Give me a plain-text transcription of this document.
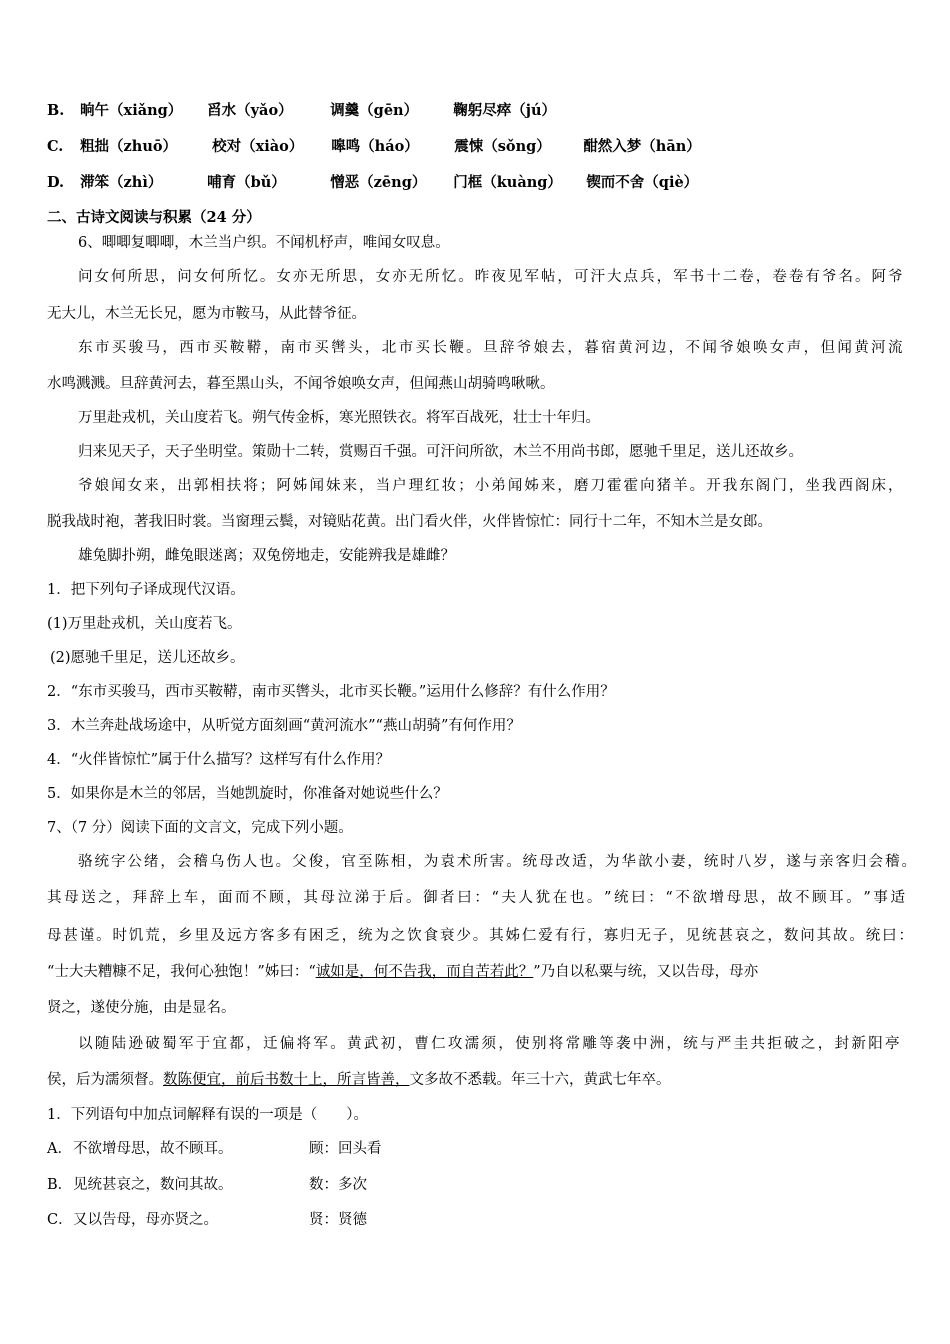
B. 晌午（xiǎng） 舀水（yǎo）	调羹（gēn） 鞠躬尽瘁（jú）
C. 粗拙（zhuō） 校对（xiào） 嗥鸣（háo） 震悚（sǒng） 酣然入梦（hān）
D. 滞笨（zhì）	哺育（bǔ）	憎恶（zēng） 门框（kuàng） 锲而不舍（qiè）
二、古诗文阅读与积累（24 分）
6、唧唧复唧唧，木兰当户织。不闻机杼声，唯闻女叹息。
问 女 何 所 思 ， 问 女 何 所 忆 。 女 亦 无 所 思 ， 女 亦 无 所 忆 。 昨 夜 见 军 帖 ， 可 汗 大 点 兵 ， 军 书 十 二 卷 ， 卷 卷 有 爷 名 。 阿 爷
无大儿，木兰无长兄，愿为市鞍马，从此替爷征。
东 市 买 骏 马 ， 西 市 买 鞍 鞯 ， 南 市 买 辔 头 ， 北 市 买 长 鞭 。 旦 辞 爷 娘 去 ， 暮 宿 黄 河 边 ， 不 闻 爷 娘 唤 女 声 ， 但 闻 黄 河 流
水鸣溅溅。旦辞黄河去，暮至黑山头，不闻爷娘唤女声，但闻燕山胡骑鸣啾啾。
万里赴戎机，关山度若飞。朔气传金柝，寒光照铁衣。将军百战死，壮士十年归。
归来见天子，天子坐明堂。策勋十二转，赏赐百千强。可汗问所欲，木兰不用尚书郎，愿驰千里足，送儿还故乡。
爷 娘 闻 女 来 ， 出 郭 相 扶 将 ； 阿 姊 闻 妹 来 ， 当 户 理 红 妆 ； 小 弟 闻 姊 来 ， 磨 刀 霍 霍 向 猪 羊 。 开 我 东 阁 门 ， 坐 我 西 阁 床 ，
脱我战时袍，著我旧时裳。当窗理云鬓，对镜贴花黄。出门看火伴，火伴皆惊忙：同行十二年，不知木兰是女郎。
雄兔脚扑朔，雌兔眼迷离；双兔傍地走，安能辨我是雄雌？
1．把下列句子译成现代汉语。
(1)万里赴戎机，关山度若飞。
(2)愿驰千里足，送儿还故乡。
2．“东市买骏马，西市买鞍鞯，南市买辔头，北市买长鞭。”运用什么修辞？有什么作用？
3．木兰奔赴战场途中，从听觉方面刻画“黄河流水”“燕山胡骑”有何作用？
4．“火伴皆惊忙”属于什么描写？这样写有什么作用？
5．如果你是木兰的邻居，当她凯旋时，你准备对她说些什么？
7、（7 分）阅读下面的文言文，完成下列小题。
骆 统 字 公 绪 ， 会 稽 乌 伤 人 也 。 父 俊 ， 官 至 陈 相 ， 为 袁 术 所 害 。 统 母 改 适 ， 为 华 歆 小 妻 ， 统 时 八 岁 ， 遂 与 亲 客 归 会 稽 。
其 母 送 之 ， 拜 辞 上 车 ， 面 而 不 顾 ， 其 母 泣 涕 于 后 。 御 者 曰 ： “ 夫 人 犹 在 也 。 ” 统 曰 ： “ 不 欲 增 母 思 ， 故 不 顾 耳 。 ” 事 适
母 甚 谨 。 时 饥 荒 ， 乡 里 及 远 方 客 多 有 困 乏 ， 统 为 之 饮 食 衰 少 。 其 姊 仁 爱 有 行 ， 寡 归 无 子 ， 见 统 甚 哀 之 ， 数 问 其 故 。 统 曰 ：
“士大夫糟糠不足，我何心独饱！”姊曰：“诚如是，何不告我，而自苦若此？”乃自以私粟与统，又以告母，母亦
贤之，遂使分施，由是显名。
以 随 陆 逊 破 蜀 军 于 宜 都 ， 迁 偏 将 军 。 黄 武 初 ， 曹 仁 攻 濡 须 ， 使 别 将 常 雕 等 袭 中 洲 ， 统 与 严 圭 共 拒 破 之 ， 封 新 阳 亭
侯，后为濡须督。数陈便宜，前后书数十上，所言皆善，文多故不悉载。年三十六，黄武七年卒。
1．下列语句中加点词解释有误的一项是（　　）。
A．不欲增母思，故不顾耳。	顾：回头看
B．见统甚哀之，数问其故。	数：多次
C．又以告母，母亦贤之。	贤：贤德
